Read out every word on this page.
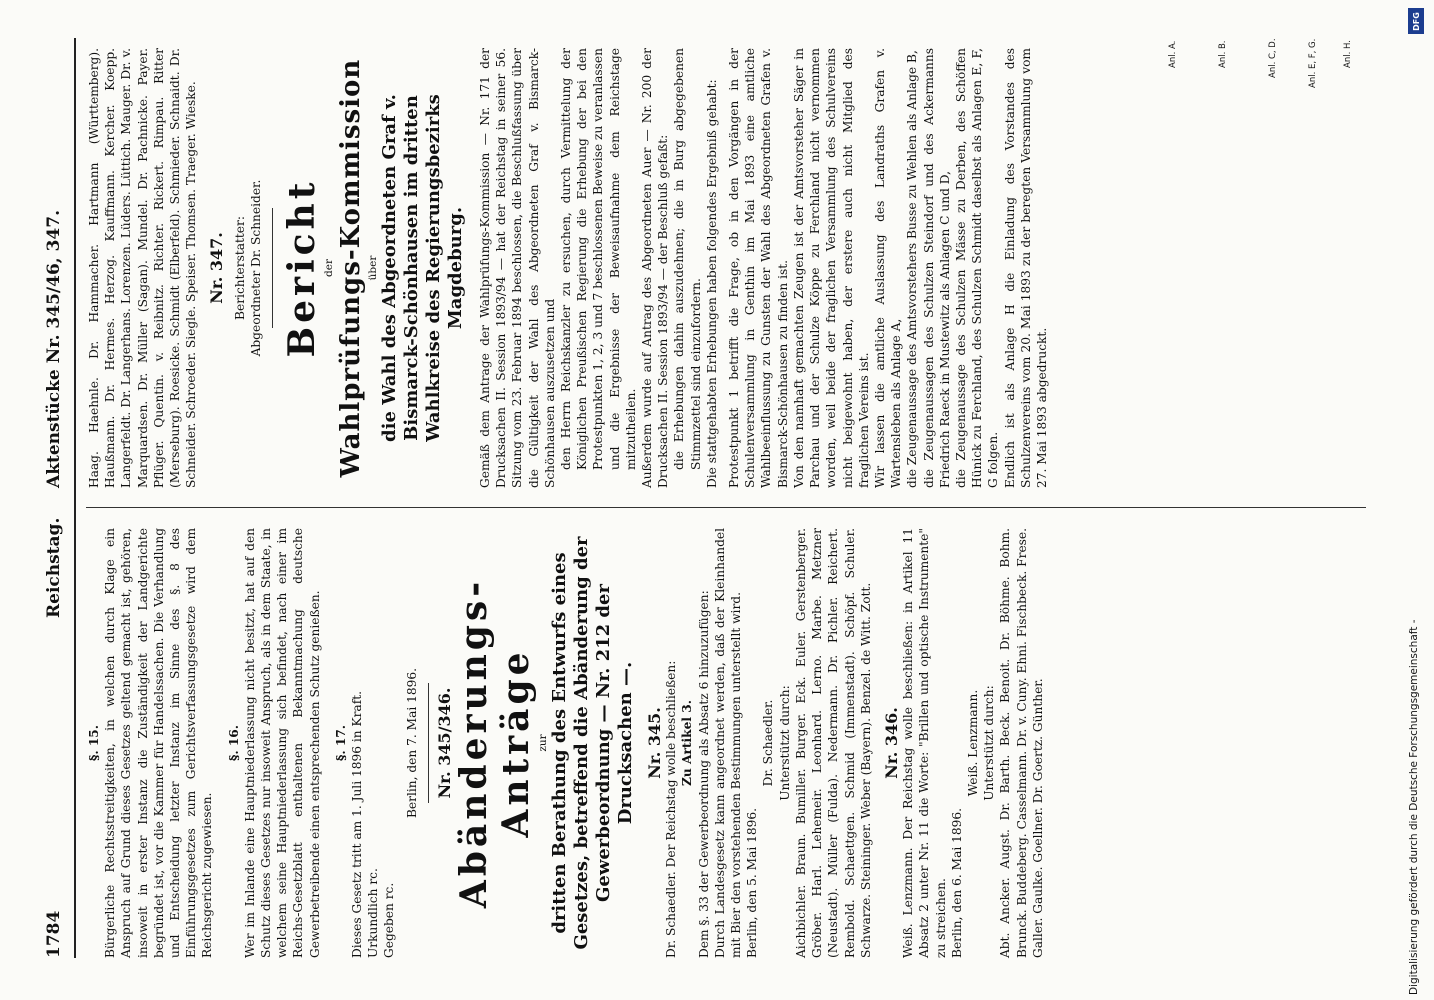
1784
Reichstag.
Aktenstücke Nr. 345/46, 347.
§. 15. Bürgerliche Rechtsstreitigkeiten, in welchen durch Klage ein Anspruch auf Grund dieses Gesetzes geltend gemacht ist, gehören, insoweit in erster Instanz die Zuständigkeit der Landgerichte begründet ist, vor die Kammer für Handelssachen. Die Verhandlung und Entscheidung letzter Instanz im Sinne des §. 8 des Einführungsgesetzes zum Gerichtsverfassungsgesetze wird dem Reichsgericht zugewiesen.
§. 16. Wer im Inlande eine Hauptniederlassung nicht besitzt, hat auf den Schutz dieses Gesetzes nur insoweit Anspruch, als in dem Staate, in welchem seine Hauptniederlassung sich befindet, nach einer im Reichs-Gesetzblatt enthaltenen Bekanntmachung deutsche Gewerbetreibende einen entsprechenden Schutz genießen. §. 17. Dieses Gesetz tritt am 1. Juli 1896 in Kraft. Urkundlich rc. Gegeben rc.
Berlin, den 7. Mai 1896. Nr. 345/346. Abänderungs-Anträge zur dritten Berathung des Entwurfs eines Gesetzes, betreffend die Abänderung der Gewerbeordnung — Nr. 212 der Drucksachen —. Nr. 345. Dr. Schaedler. Der Reichstag wolle beschließen: Zu Artikel 3. Dem §. 33 der Gewerbeordnung als Absatz 6 hinzuzufügen: Durch Landesgesetz kann angeordnet werden, daß der Kleinhandel mit Bier den vorstehenden Bestimmungen unterstellt wird. Berlin, den 5. Mai 1896.
Dr. Schaedler. Unterstützt durch: Aichbichler. Braun. Bumiller. Burger. Eck. Euler. Gerstenberger. Gröber. Harl. Lehemeir. Leonhard. Lerno. Marbe. Metzner (Neustadt). Müller (Fulda). Nedermann. Dr. Pichler. Reichert. Rembold. Schaettgen. Schmid (Immenstadt). Schöpf. Schuler. Schwarze. Steininger. Weber (Bayern). Benzel. de Witt. Zott. Nr. 346. Weiß. Lenzmann. Der Reichstag wolle beschließen: in Artikel 11 Absatz 2 unter Nr. 11 die Worte: "Brillen und optische Instrumente" zu streichen. Berlin, den 6. Mai 1896.
Weiß. Lenzmann. Unterstützt durch: Abt. Ancker. Augst. Dr. Barth. Beck. Benoit. Dr. Böhme. Bohm. Brunck. Buddeberg. Casselmann. Dr. v. Cuny. Ehni. Fischbeck. Frese. Galler. Gaulke. Goellner. Dr. Goertz. Günther.
Haag. Haehnle. Dr. Hammacher. Hartmann (Württemberg). Haußmann. Dr. Hermes. Herzog. Kauffmann. Kercher. Koepp. Langerfeldt. Dr. Langerhans. Lorenzen. Lüders. Lüttich. Mauger. Dr. v. Marquardsen. Dr. Müller (Sagan). Mundel. Dr. Pachnicke. Payer. Pflüger. Quentin. v. Reibnitz. Richter. Rickert. Rimpau. Ritter (Merseburg). Roesicke. Schmidt (Elberfeld). Schmieder. Schnaidt. Dr. Schneider. Schroeder. Siegle. Speiser. Thomsen. Traeger. Wieske. Nr. 347. Berichterstatter: Abgeordneter Dr. Schneider. Bericht der Wahlprüfungs-Kommission über die Wahl des Abgeordneten Graf v. Bismarck-Schönhausen im dritten Wahlkreise des Regierungsbezirks Magdeburg. Gemäß dem Antrage der Wahlprüfungs-Kommission — Nr. 171 der Drucksachen II. Session 1893/94 — hat der Reichstag in seiner 56. Sitzung vom 23. Februar 1894 beschlossen, die Beschlußfassung über die Gültigkeit der Wahl des Abgeordneten Graf v. Bismarck-Schönhausen auszusetzen und den Herrn Reichskanzler zu ersuchen, durch Vermittelung der Königlichen Preußischen Regierung die Erhebung der bei den Protestpunkten 1, 2, 3 und 7 beschlossenen Beweise zu veranlassen und die Ergebnisse der Beweisaufnahme dem Reichstage mitzutheilen. Außerdem wurde auf Antrag des Abgeordneten Auer — Nr. 200 der Drucksachen II. Session 1893/94 — der Beschluß gefaßt: die Erhebungen dahin auszudehnen; die in Burg abgegebenen Stimmzettel sind einzufordern. Die stattgehabten Erhebungen haben folgendes Ergebniß gehabt: Protestpunkt 1 betrifft die Frage, ob in den Vorgängen in der Schulenversammlung in Genthin im Mai 1893 eine amtliche Wahlbeeinflussung zu Gunsten der Wahl des Abgeordneten Grafen v. Bismarck-Schönhausen zu finden ist. Von den namhaft gemachten Zeugen ist der Amtsvorsteher Säger in Parchau und der Schulze Köppe zu Ferchland nicht vernommen worden, weil beide der fraglichen Versammlung des Schulvereins nicht beigewohnt haben, der erstere auch nicht Mitglied des fraglichen Vereins ist. Wir lassen die amtliche Auslassung des Landraths Grafen v. Wartensleben als Anlage A, die Zeugenaussage des Amtsvorstehers Busse zu Wehlen als Anlage B, die Zeugenaussagen des Schulzen Steindorf und des Ackermanns Friedrich Raeck in Mustewitz als Anlagen C und D, die Zeugenaussage des Schulzen Mässe zu Derben, des Schöffen Hünick zu Ferchland, des Schulzen Schmidt daselbst als Anlagen E, F, G folgen. Endlich ist als Anlage H die Einladung des Vorstandes des Schulzenvereins vom 20. Mai 1893 zu der beregten Versammlung vom 27. Mai 1893 abgedruckt.
Anl. A.	Anl. B.	Anl. C, D.	Anl. E, F, G.	Anl. H.
DFG
Digitalisierung gefördert durch die Deutsche Forschungsgemeinschaft -
